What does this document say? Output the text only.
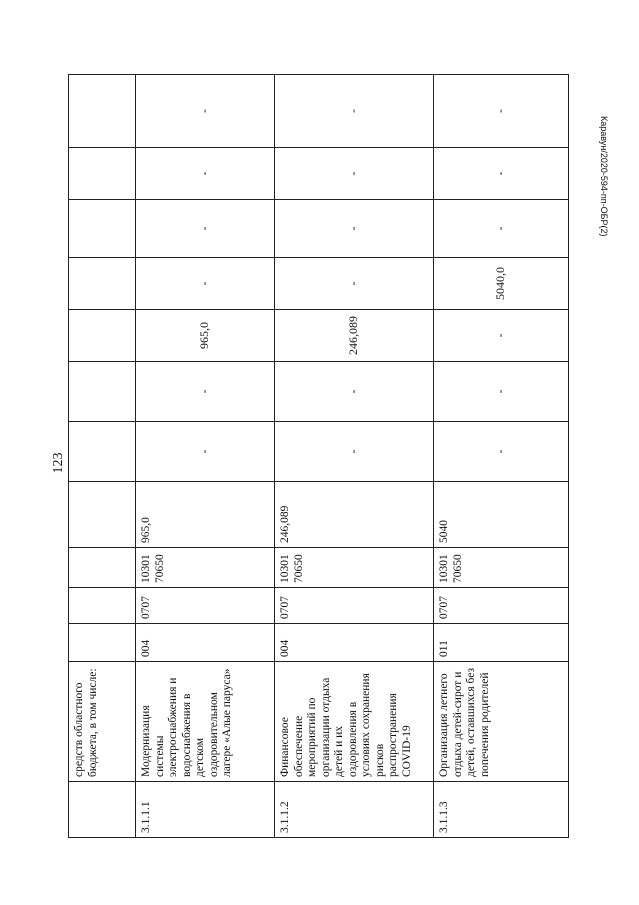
123
Каравун/2020-594-пп-ОБР(2)
	средств областного бюджета, в том числе:											
3.1.1.1	Модернизация системы электроснабжения и водоснабжения в детском оздоровительном лагере «Алые паруса»	004	0707	1030170650	965,0	-	-	965,0	-	-	-	-
3.1.1.2	Финансовое обеспечение мероприятий по организации отдыха детей и их оздоровления в условиях сохранения рисков распространения COVID-19	004	0707	1030170650	246,089	-	-	246,089	-	-	-	-
3.1.1.3	Организация летнего отдыха детей-сирот и детей, оставшихся без попечения родителей	011	0707	1030170650	5040	-	-	-	5040,0	-	-	-
